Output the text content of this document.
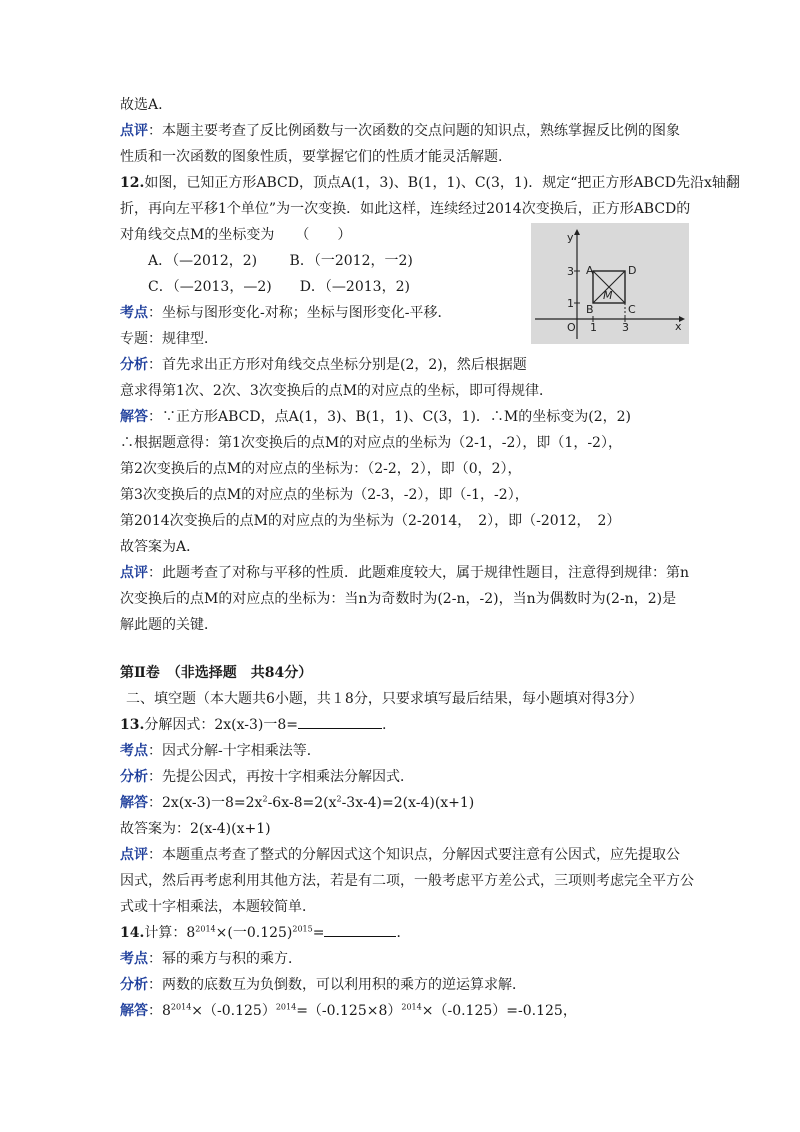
故选A.
点评：本题主要考查了反比例函数与一次函数的交点问题的知识点，熟练掌握反比例的图象
性质和一次函数的图象性质，要掌握它们的性质才能灵活解题.
12.如图，已知正方形ABCD，顶点A(1，3)、B(1，1)、C(3，1)．规定“把正方形ABCD先沿x轴翻
折，再向左平移1个单位”为一次变换．如此这样，连续经过2014次变换后，正方形ABCD的
对角线交点M的坐标变为　　（　　）
A．（—2012，2)　　 B．（一2012，一2)
C．（—2013，—2)　　D．（—2013，2)
考点：坐标与图形变化-对称；坐标与图形变化-平移．
专题：规律型．
分析：首先求出正方形对角线交点坐标分别是(2，2)，然后根据题
意求得第1次、2次、3次变换后的点M的对应点的坐标，即可得规律．
解答：∵正方形ABCD，点A(1，3)、B(1，1)、C(3，1)．∴M的坐标变为(2，2)
∴根据题意得：第1次变换后的点M的对应点的坐标为（2-1，-2），即（1，-2），
第2次变换后的点M的对应点的坐标为：（2-2，2），即（0，2），
第3次变换后的点M的对应点的坐标为（2-3，-2），即（-1，-2），
第2014次变换后的点M的对应点的为坐标为（2-2014，　2），即（-2012，　2）
故答案为A．
点评：此题考查了对称与平移的性质．此题难度较大，属于规律性题目，注意得到规律：第n
次变换后的点M的对应点的坐标为：当n为奇数时为(2-n，-2)，当n为偶数时为(2-n，2)是
解此题的关键．
第Ⅱ卷　（非选择题　共84分）
二、填空题（本大题共6小题，共１8分，只要求填写最后结果，每小题填对得3分）
13.分解因式：2x(x-3)一8=	.
考点：因式分解-十字相乘法等．
分析：先提公因式，再按十字相乘法分解因式．
解答：2x(x-3)一$8=2x^2-6x-8=2(x^2-3x-4)=2(x-4)(x+1)$
故答案为：2(x-4)(x+1)
点评：本题重点考查了整式的分解因式这个知识点，分解因式要注意有公因式，应先提取公
因式，然后再考虑利用其他方法，若是有二项，一般考虑平方差公式，三项则考虑完全平方公
式或十字相乘法，本题较简单．
14.计算：$8^{2014}\times$(一0.125)$^{2015}$=	．
考点：幂的乘方与积的乘方．
分析：两数的底数互为负倒数，可以利用积的乘方的逆运算求解．
解答：$8^{2014}\times(-0.125)^{2014}=(-0.125\times 8)^{2014}\times(-0.125)=-0.125$，
x
y
O 1 3
1
3 A	D
B	C
M
